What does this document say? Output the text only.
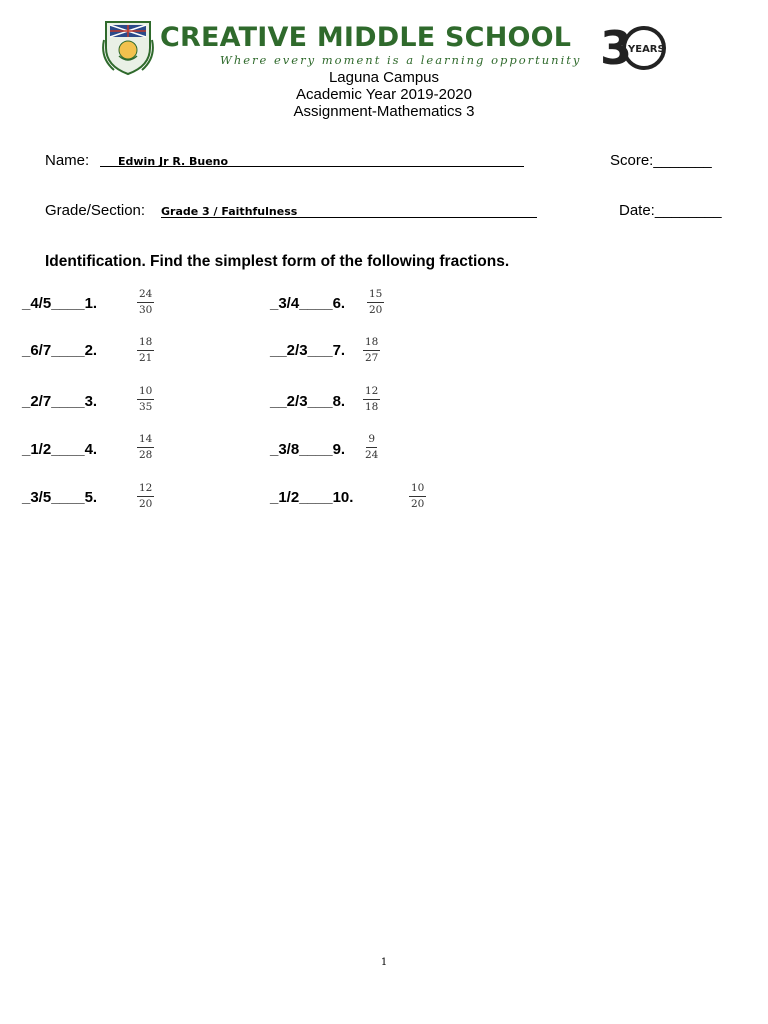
CREATIVE MIDDLE SCHOOL
Where every moment is a learning opportunity 3
YEARS
Laguna Campus
Academic Year 2019-2020
Assignment-Mathematics 3
Name:	Edwin Jr R. Bueno	Score:_______
Grade/Section: Grade 3 / Faithfulness	Date:________
Identification. Find the simplest form of the following fractions.
_4/5____1.	$\frac{24}{30}$
_6/7____2.	$\frac{18}{21}$
_2/7____3.	$\frac{10}{35}$
_1/2____4.	$\frac{14}{28}$
_3/5____5.	$\frac{12}{20}$
_3/4____6. $\frac{15}{20}$
__2/3___7. $\frac{18}{27}$
__2/3___8. $\frac{12}{18}$
_3/8____9. $\frac{9}{24}$
_1/2____10.	$\frac{10}{20}$
1
